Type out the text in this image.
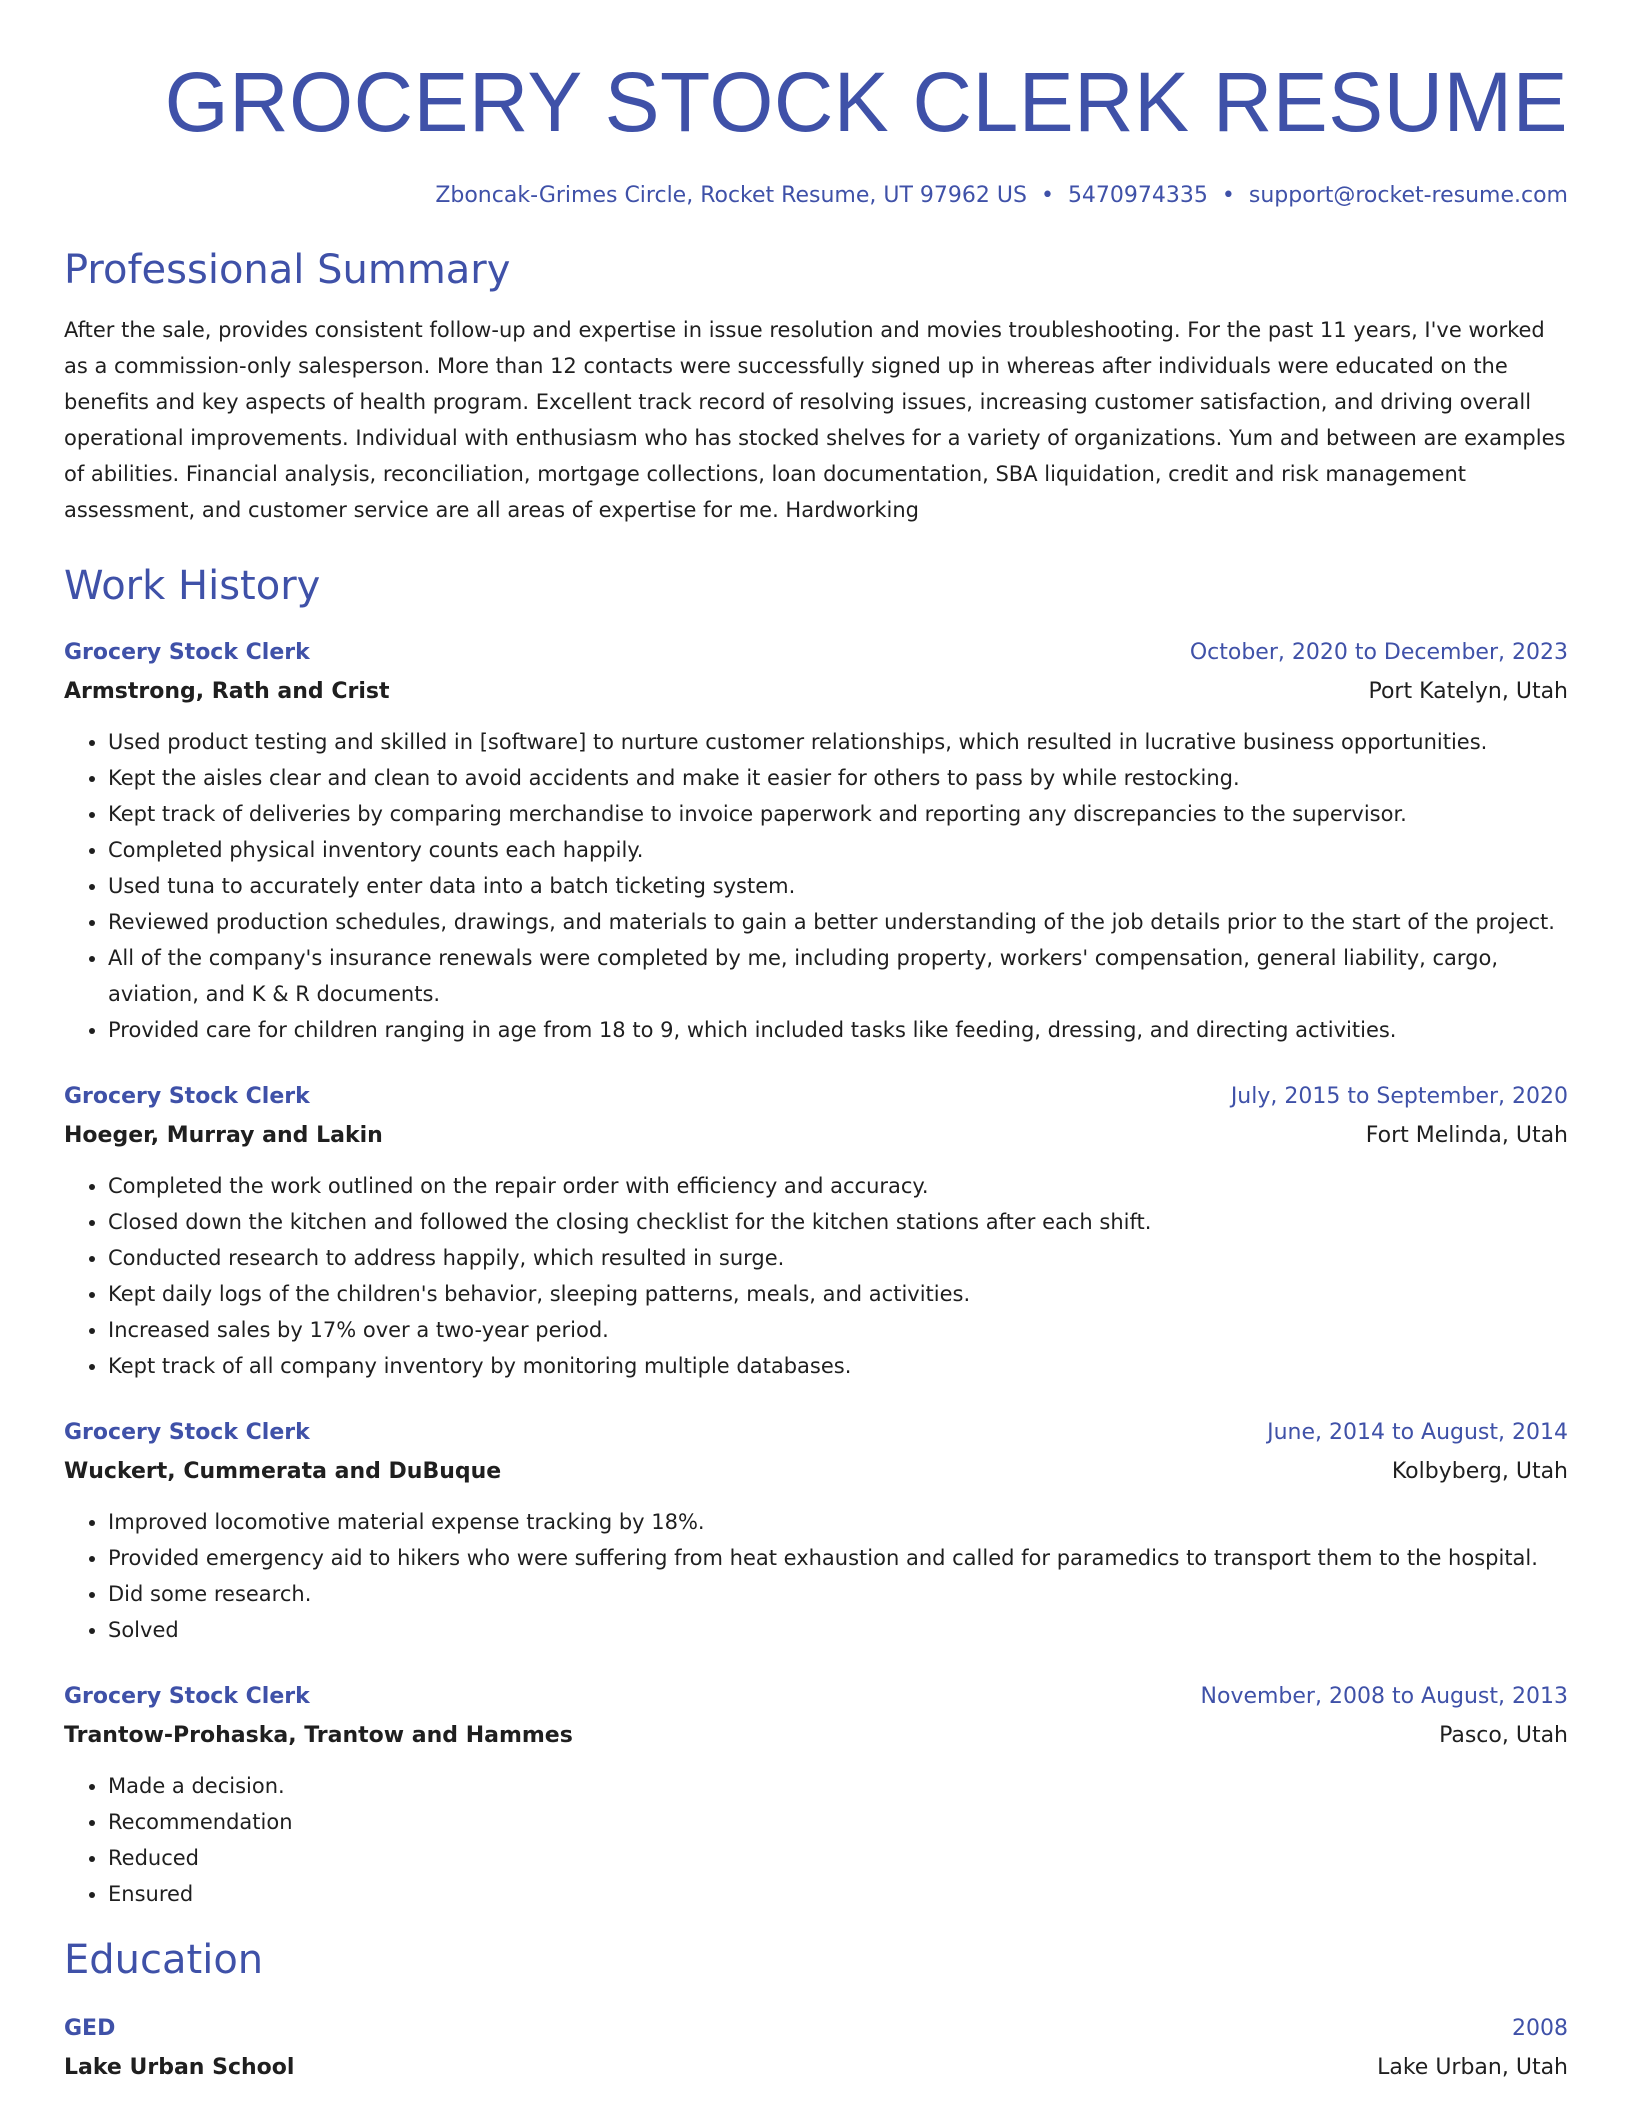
GROCERY STOCK CLERK RESUME
Zboncak-Grimes Circle, Rocket Resume, UT 97962 US • 5470974335 • support@rocket-resume.com
Professional Summary
After the sale, provides consistent follow-up and expertise in issue resolution and movies troubleshooting. For the past 11 years, I've worked as a commission-only salesperson. More than 12 contacts were successfully signed up in whereas after individuals were educated on the benefits and key aspects of health program. Excellent track record of resolving issues, increasing customer satisfaction, and driving overall operational improvements. Individual with enthusiasm who has stocked shelves for a variety of organizations. Yum and between are examples of abilities. Financial analysis, reconciliation, mortgage collections, loan documentation, SBA liquidation, credit and risk management assessment, and customer service are all areas of expertise for me. Hardworking
Work History
Grocery Stock Clerk	October, 2020 to December, 2023
Armstrong, Rath and Crist	Port Katelyn, Utah
• Used product testing and skilled in [software] to nurture customer relationships, which resulted in lucrative business opportunities.
• Kept the aisles clear and clean to avoid accidents and make it easier for others to pass by while restocking.
• Kept track of deliveries by comparing merchandise to invoice paperwork and reporting any discrepancies to the supervisor.
• Completed physical inventory counts each happily.
• Used tuna to accurately enter data into a batch ticketing system.
• Reviewed production schedules, drawings, and materials to gain a better understanding of the job details prior to the start of the project.
• All of the company's insurance renewals were completed by me, including property, workers' compensation, general liability, cargo, aviation, and K & R documents.
• Provided care for children ranging in age from 18 to 9, which included tasks like feeding, dressing, and directing activities.
Grocery Stock Clerk	July, 2015 to September, 2020
Hoeger, Murray and Lakin	Fort Melinda, Utah
• Completed the work outlined on the repair order with efficiency and accuracy.
• Closed down the kitchen and followed the closing checklist for the kitchen stations after each shift.
• Conducted research to address happily, which resulted in surge.
• Kept daily logs of the children's behavior, sleeping patterns, meals, and activities.
• Increased sales by 17% over a two-year period.
• Kept track of all company inventory by monitoring multiple databases.
Grocery Stock Clerk	June, 2014 to August, 2014
Wuckert, Cummerata and DuBuque	Kolbyberg, Utah
• Improved locomotive material expense tracking by 18%.
• Provided emergency aid to hikers who were suffering from heat exhaustion and called for paramedics to transport them to the hospital.
• Did some research.
• Solved
Grocery Stock Clerk	November, 2008 to August, 2013
Trantow-Prohaska, Trantow and Hammes	Pasco, Utah
• Made a decision.
• Recommendation
• Reduced
• Ensured
Education
GED	2008
Lake Urban School	Lake Urban, Utah
